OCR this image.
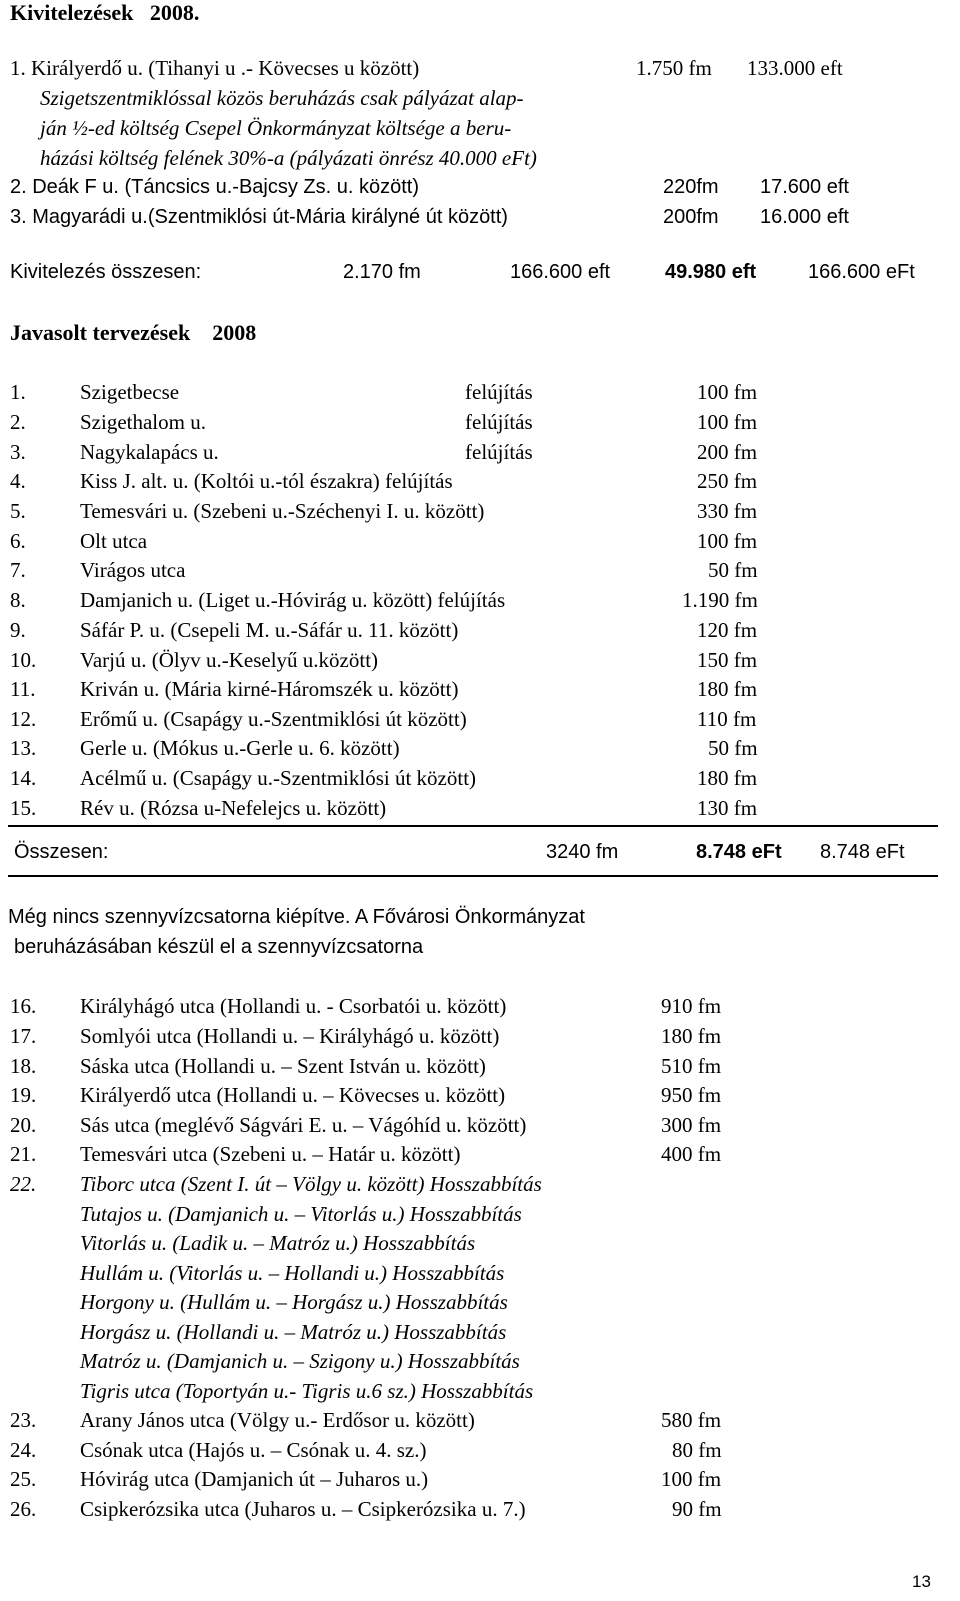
Kivitelezések 2008.
1. Királyerdő u. (Tihanyi u .- Kövecses u között)	1.750 fm 133.000 eft
Szigetszentmiklóssal közös beruházás csak pályázat alap-
ján ½-ed költség Csepel Önkormányzat költsége a beru-
házási költség felének 30%-a (pályázati önrész 40.000 eFt)
2. Deák F u. (Táncsics u.-Bajcsy Zs. u. között)	220fm 17.600 eft
3. Magyarádi u.(Szentmiklósi út-Mária királyné út között)	200fm 16.000 eft
Kivitelezés összesen:	2.170 fm	166.600 eft	49.980 eft	166.600 eFt
Javasolt tervezések 2008
1.	Szigetbecse	felújítás	100 fm
2.	Szigethalom u.	felújítás	100 fm
3.	Nagykalapács u.	felújítás	200 fm
4.	Kiss J. alt. u. (Koltói u.-tól északra) felújítás	250 fm
5.	Temesvári u. (Szebeni u.-Széchenyi I. u. között)	330 fm
6.	Olt utca	100 fm
7.	Virágos utca	50 fm
8.	Damjanich u. (Liget u.-Hóvirág u. között) felújítás	1.190 fm
9.	Sáfár P. u. (Csepeli M. u.-Sáfár u. 11. között)	120 fm
10. Varjú u. (Ölyv u.-Keselyű u.között)	150 fm
11. Kriván u. (Mária kirné-Háromszék u. között)	180 fm
12. Erőmű u. (Csapágy u.-Szentmiklósi út között)	110 fm
13. Gerle u. (Mókus u.-Gerle u. 6. között)	50 fm
14. Acélmű u. (Csapágy u.-Szentmiklósi út között)	180 fm
15. Rév u. (Rózsa u-Nefelejcs u. között)	130 fm
Összesen:	3240 fm	8.748 eFt 8.748 eFt
Még nincs szennyvízcsatorna kiépítve. A Fővárosi Önkormányzat
beruházásában készül el a szennyvízcsatorna
16. Királyhágó utca (Hollandi u. - Csorbatói u. között)	910 fm
17. Somlyói utca (Hollandi u. – Királyhágó u. között)	180 fm
18. Sáska utca (Hollandi u. – Szent István u. között)	510 fm
19. Királyerdő utca (Hollandi u. – Kövecses u. között)	950 fm
20. Sás utca (meglévő Ságvári E. u. – Vágóhíd u. között)	300 fm
21. Temesvári utca (Szebeni u. – Határ u. között)	400 fm
22. Tiborc utca (Szent I. út – Völgy u. között) Hosszabbítás
Tutajos u. (Damjanich u. – Vitorlás u.) Hosszabbítás
Vitorlás u. (Ladik u. – Matróz u.) Hosszabbítás
Hullám u. (Vitorlás u. – Hollandi u.) Hosszabbítás
Horgony u. (Hullám u. – Horgász u.) Hosszabbítás
Horgász u. (Hollandi u. – Matróz u.) Hosszabbítás
Matróz u. (Damjanich u. – Szigony u.) Hosszabbítás
Tigris utca (Toportyán u.- Tigris u.6 sz.) Hosszabbítás
23. Arany János utca (Völgy u.- Erdősor u. között)	580 fm
24. Csónak utca (Hajós u. – Csónak u. 4. sz.)	80 fm
25. Hóvirág utca (Damjanich út – Juharos u.)	100 fm
26. Csipkerózsika utca (Juharos u. – Csipkerózsika u. 7.)	90 fm
13
